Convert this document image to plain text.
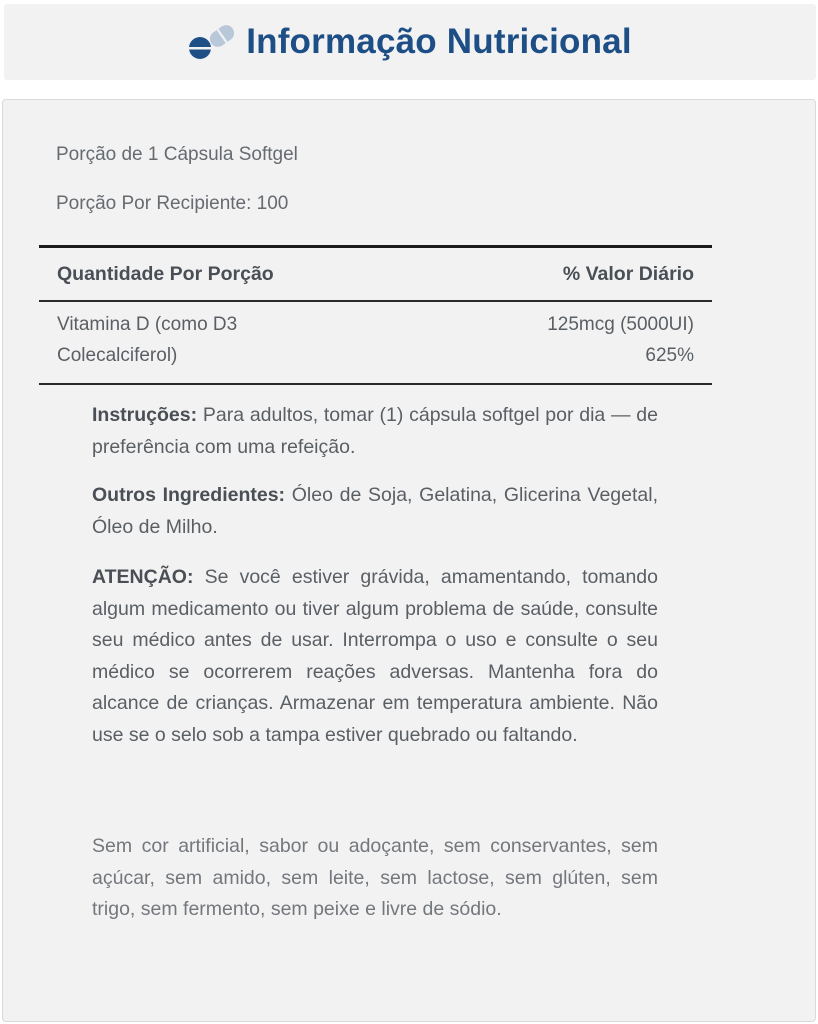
Informação Nutricional
Porção de 1 Cápsula Softgel
Porção Por Recipiente: 100
Quantidade Por Porção	% Valor Diário
Vitamina D (como D3
Colecalciferol)
125mcg (5000UI)
625%
Instruções: Para adultos, tomar (1) cápsula softgel por dia — de preferência com uma refeição.
Outros Ingredientes: Óleo de Soja, Gelatina, Glicerina Vegetal, Óleo de Milho.
ATENÇÃO: Se você estiver grávida, amamentando, tomando algum medicamento ou tiver algum problema de saúde, consulte seu médico antes de usar. Interrompa o uso e consulte o seu médico se ocorrerem reações adversas. Mantenha fora do alcance de crianças. Armazenar em temperatura ambiente. Não use se o selo sob a tampa estiver quebrado ou faltando.
Sem cor artificial, sabor ou adoçante, sem conservantes, sem açúcar, sem amido, sem leite, sem lactose, sem glúten, sem trigo, sem fermento, sem peixe e livre de sódio.
